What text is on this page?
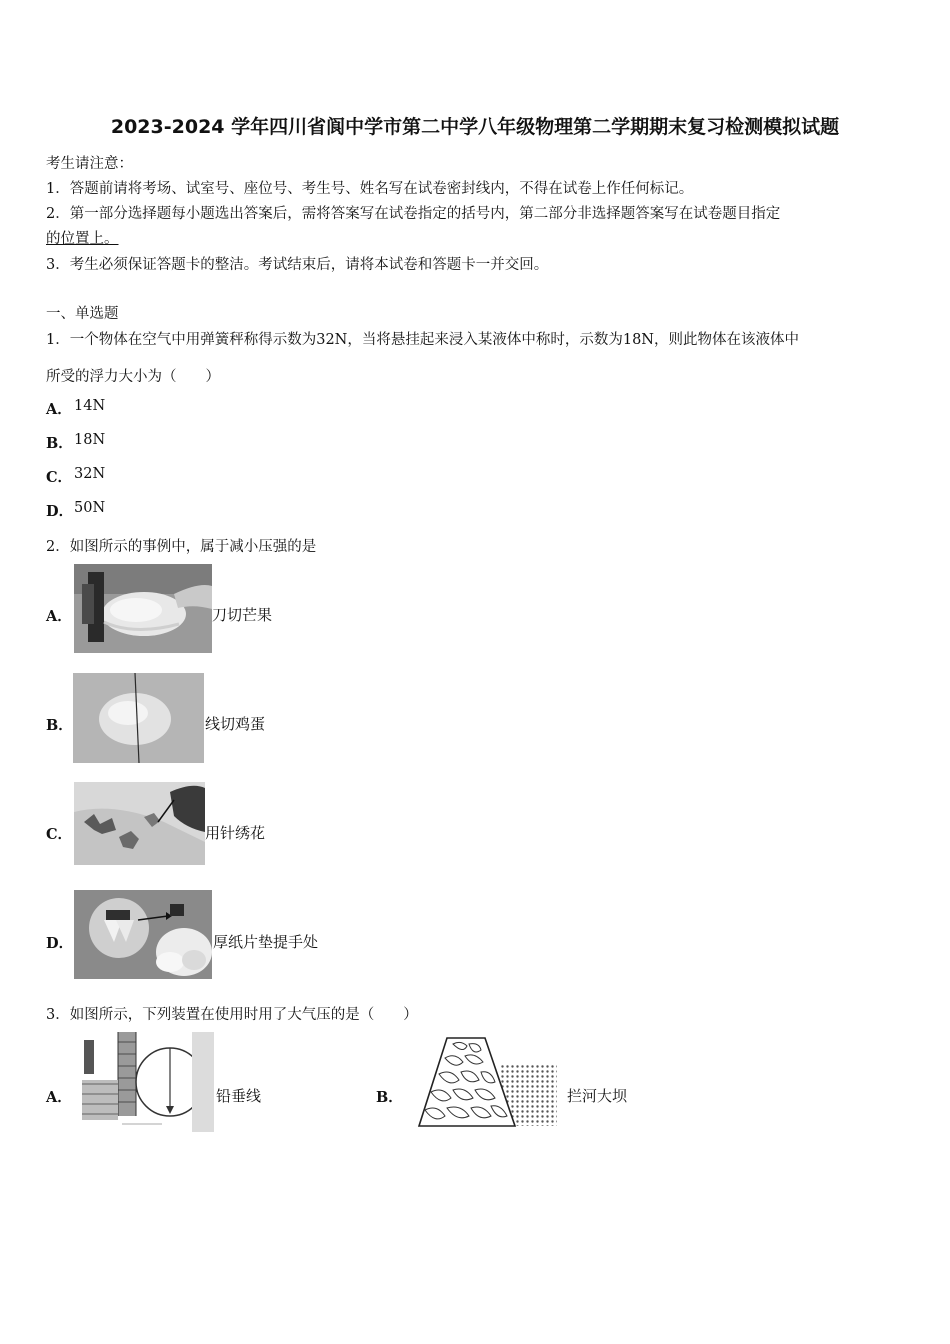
2023-2024 学年四川省阆中学市第二中学八年级物理第二学期期末复习检测模拟试题
考生请注意：
1．答题前请将考场、试室号、座位号、考生号、姓名写在试卷密封线内，不得在试卷上作任何标记。
2．第一部分选择题每小题选出答案后，需将答案写在试卷指定的括号内，第二部分非选择题答案写在试卷题目指定
的位置上。
3．考生必须保证答题卡的整洁。考试结束后，请将本试卷和答题卡一并交回。
一、单选题
1．一个物体在空气中用弹簧秤称得示数为32N，当将悬挂起来浸入某液体中称时，示数为18N，则此物体在该液体中
所受的浮力大小为（　　）
A． 14N
B． 18N
C． 32N
D． 50N
2．如图所示的事例中，属于减小压强的是
A．	刀切芒果
B．	线切鸡蛋
C．	用针绣花
D．	厚纸片垫提手处
3．如图所示，下列装置在使用时用了大气压的是（　　）
A．	铅垂线	B．	拦河大坝
